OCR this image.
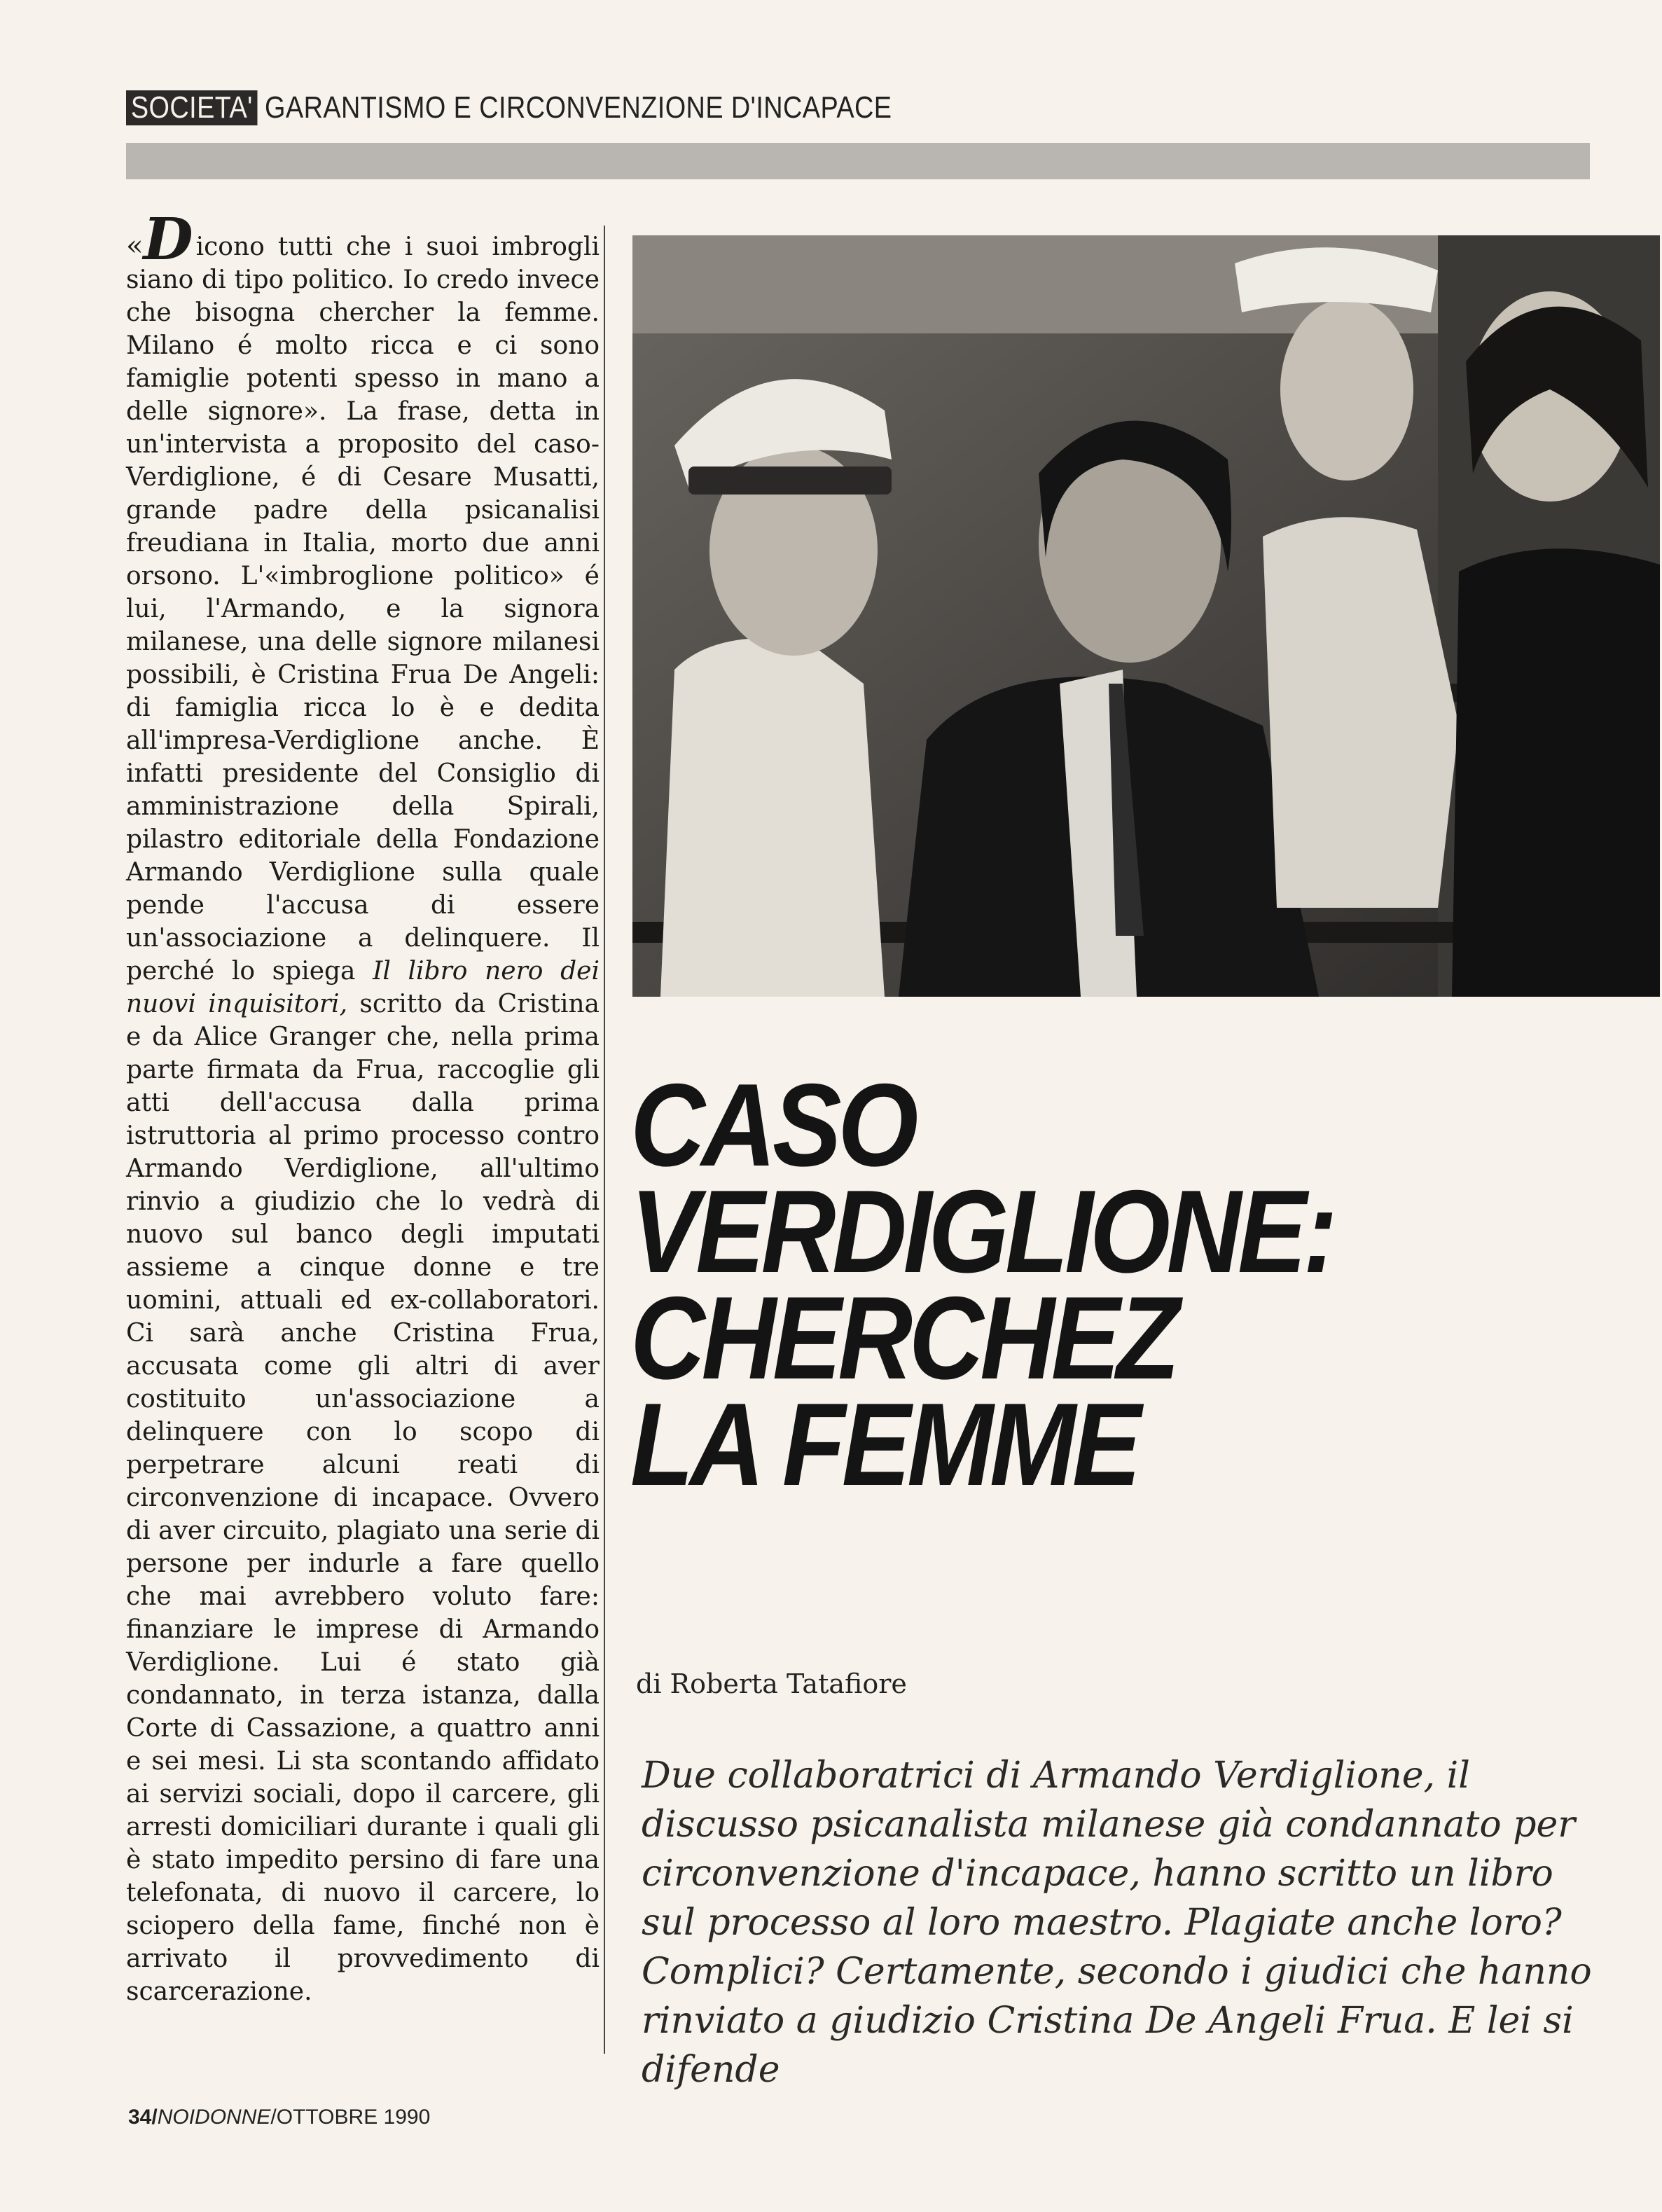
SOCIETA' GARANTISMO E CIRCONVENZIONE D'INCAPACE

«D icono tutti che i suoi imbrogli siano di tipo politico. Io credo invece che bisogna chercher la femme. Milano é molto ricca e ci sono famiglie potenti spesso in mano a delle signore». La frase, detta in un'intervista a proposito del caso-Verdiglione, é di Cesare Musatti, grande padre della psicanalisi freudiana in Italia, morto due anni orsono. L'«imbroglione politico» é lui, l'Armando, e la signora milanese, una delle signore milanesi possibili, è Cristina Frua De Angeli: di famiglia ricca lo è e dedita all'impresa-Verdiglione anche. È infatti presidente del Consiglio di amministrazione della Spirali, pilastro editoriale della Fondazione Armando Verdiglione sulla quale pende l'accusa di essere un'associazione a delinquere. Il perché lo spiega Il libro nero dei nuovi inquisitori, scritto da Cristina e da Alice Granger che, nella prima parte firmata da Frua, raccoglie gli atti dell'accusa dalla prima istruttoria al primo processo contro Armando Verdiglione, all'ultimo rinvio a giudizio che lo vedrà di nuovo sul banco degli imputati assieme a cinque donne e tre uomini, attuali ed ex-collaboratori. Ci sarà anche Cristina Frua, accusata come gli altri di aver costituito un'associazione a delinquere con lo scopo di perpetrare alcuni reati di circonvenzione di incapace. Ovvero di aver circuito, plagiato una serie di persone per indurle a fare quello che mai avrebbero voluto fare: finanziare le imprese di Armando Verdiglione. Lui é stato già condannato, in terza istanza, dalla Corte di Cassazione, a quattro anni e sei mesi. Li sta scontando affidato ai servizi sociali, dopo il carcere, gli arresti domiciliari durante i quali gli è stato impedito persino di fare una telefonata, di nuovo il carcere, lo sciopero della fame, finché non è arrivato il provvedimento di scarcerazione.

CASO
VERDIGLIONE:
CHERCHEZ
LA FEMME
di Roberta Tatafiore

Due collaboratrici di Armando Verdiglione, il discusso psicanalista milanese già condannato per circonvenzione d'incapace, hanno scritto un libro sul processo al loro maestro. Plagiate anche loro? Complici? Certamente, secondo i giudici che hanno rinviato a giudizio Cristina De Angeli Frua. E lei si difende

34/NOIDONNE/OTTOBRE 1990
